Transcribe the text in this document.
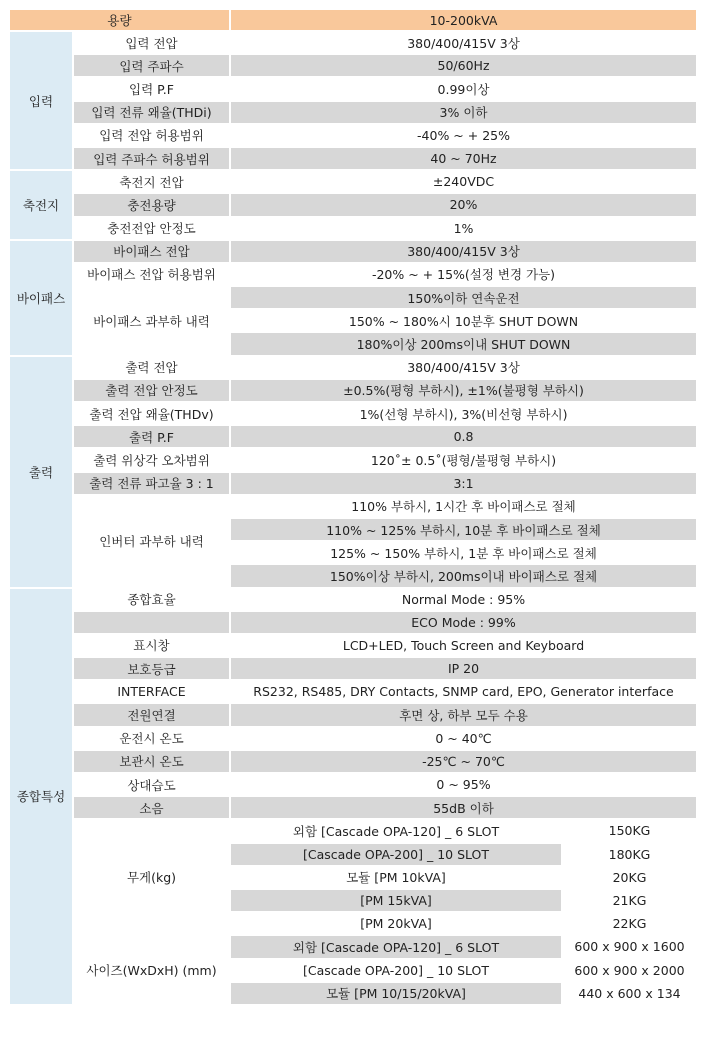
용량		10-200kVA	
입력	입력 전압	380/400/415V 3상	
	입력 주파수	50/60Hz	
	입력 P.F	0.99이상	
	입력 전류 왜율(THDi)	3% 이하	
	입력 전압 허용범위	-40% ~ + 25%	
	입력 주파수 허용범위	40 ~ 70Hz	
축전지	축전지 전압	±240VDC	
	충전용량	20%	
	충전전압 안정도	1%	
바이패스	바이패스 전압	380/400/415V 3상	
	바이패스 전압 허용범위	-20% ~ + 15%(설정 변경 가능)	
	바이패스 과부하 내력	150%이하 연속운전	
		150% ~ 180%시 10분후 SHUT DOWN	
		180%이상 200ms이내 SHUT DOWN	
출력	출력 전압	380/400/415V 3상	
	출력 전압 안정도	±0.5%(평형 부하시), ±1%(불평형 부하시)	
	출력 전압 왜율(THDv)	1%(선형 부하시), 3%(비선형 부하시)	
	출력 P.F	0.8	
	출력 위상각 오차범위	120˚± 0.5˚(평형/불평형 부하시)	
	출력 전류 파고율 3 : 1	3:1	
	인버터 과부하 내력	110% 부하시, 1시간 후 바이패스로 절체	
		110% ~ 125% 부하시, 10분 후 바이패스로 절체	
		125% ~ 150% 부하시, 1분 후 바이패스로 절체	
		150%이상 부하시, 200ms이내 바이패스로 절체	
종합특성	종합효율	Normal Mode : 95%	
		ECO Mode : 99%	
	표시창	LCD+LED, Touch Screen and Keyboard	
	보호등급	IP 20	
	INTERFACE	RS232, RS485, DRY Contacts, SNMP card, EPO, Generator interface	
	전원연결	후면 상, 하부 모두 수용	
	운전시 온도	0 ~ 40℃	
	보관시 온도	-25℃ ~ 70℃	
	상대습도	0 ~ 95%	
	소음	55dB 이하	
	무게(kg)	외함 [Cascade OPA-120] _ 6 SLOT	150KG
		[Cascade OPA-200] _ 10 SLOT	180KG
		모듈 [PM 10kVA]	20KG
		[PM 15kVA]	21KG
		[PM 20kVA]	22KG
	사이즈(WxDxH) (mm)	외함 [Cascade OPA-120] _ 6 SLOT	600 x 900 x 1600
		[Cascade OPA-200] _ 10 SLOT	600 x 900 x 2000
		모듈 [PM 10/15/20kVA]	440 x 600 x 134
